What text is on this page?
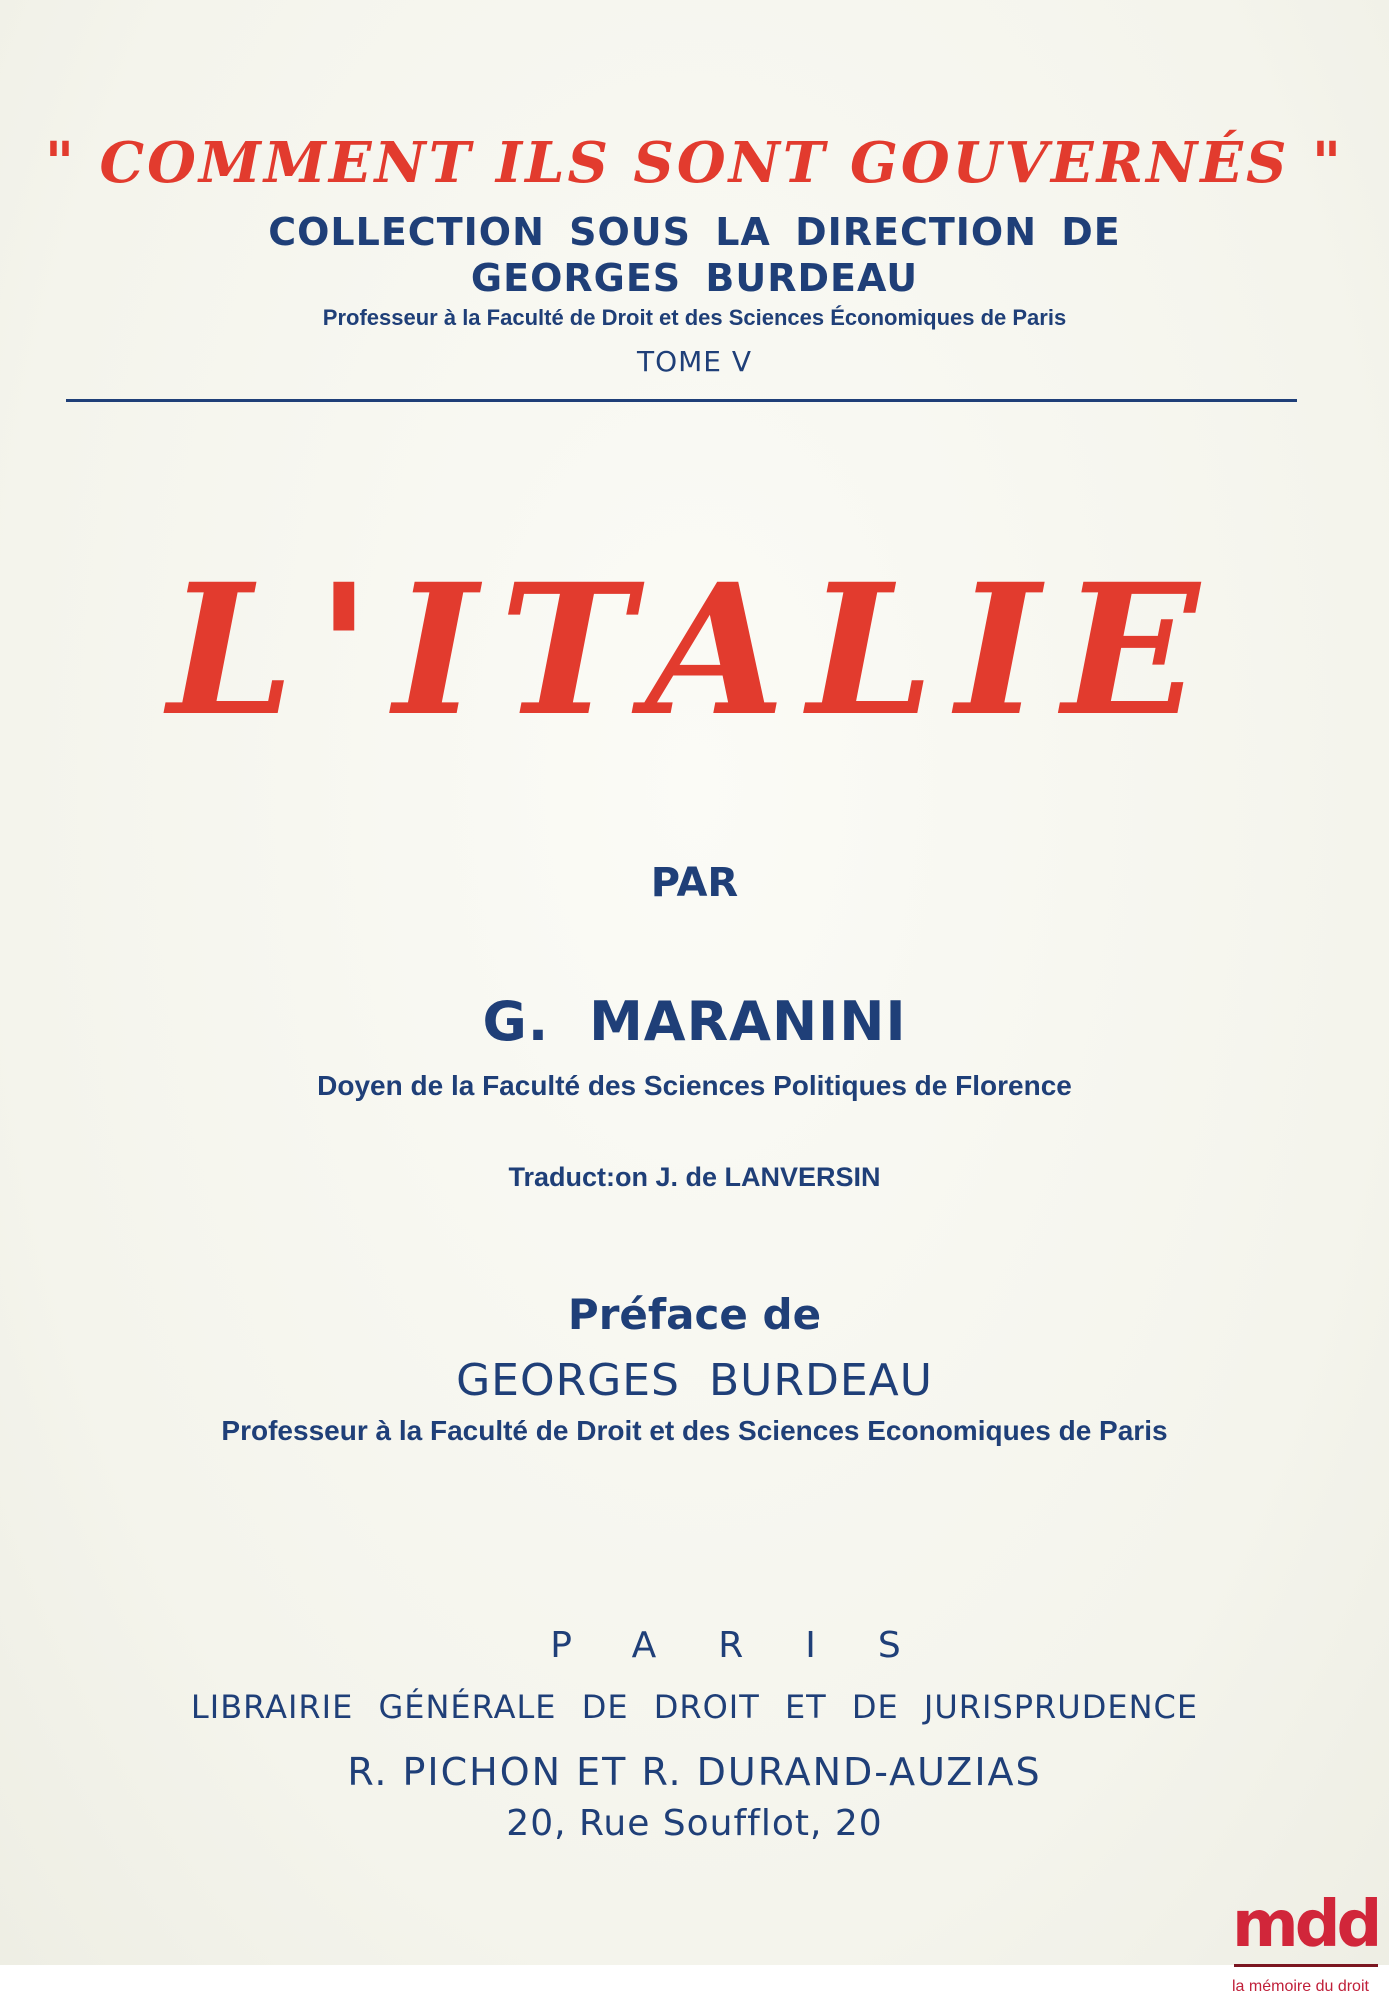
" COMMENT ILS SONT GOUVERNÉS "
COLLECTION SOUS LA DIRECTION DE
GEORGES BURDEAU
Professeur à la Faculté de Droit et des Sciences Économiques de Paris
TOME V
L'ITALIE
PAR
G. MARANINI
Doyen de la Faculté des Sciences Politiques de Florence
Traduct:on J. de LANVERSIN
Préface de
GEORGES BURDEAU
Professeur à la Faculté de Droit et des Sciences Economiques de Paris
PARIS
LIBRAIRIE GÉNÉRALE DE DROIT ET DE JURISPRUDENCE
R. PICHON ET R. DURAND-AUZIAS
20, Rue Soufflot, 20
mdd
la mémoire du droit
